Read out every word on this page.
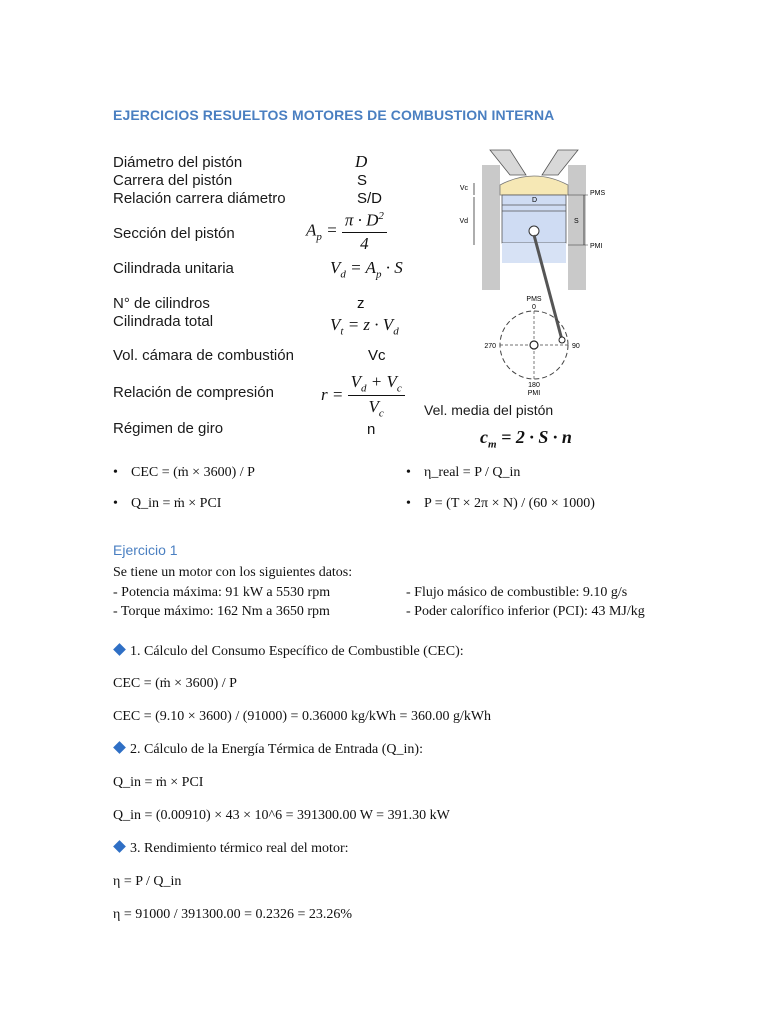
EJERCICIOS RESUELTOS MOTORES DE COMBUSTION INTERNA
Diámetro del pistón	D
Carrera del pistón	S
Relación carrera diámetro	S/D
Sección del pistón	$A_p = \frac{\pi \cdot D^2}{4}$
Cilindrada unitaria	$V_d = A_p \cdot S$
N° de cilindros	z
Cilindrada total	$V_t = z \cdot V_d$
Vol. cámara de combustión	Vc
Relación de compresión	$r = \frac{V_d + V_c}{V_c}$
Régimen de giro	n
Vel. media del pistón
$c_m = 2 \cdot S \cdot n$
Vc
Vd
PMS
PMI
D
S
PMS
0
270	90
180
PMI
• CEC = (ṁ × 3600) / P	• η_real = P / Q_in
• Q_in = ṁ × PCI	• P = (T × 2π × N) / (60 × 1000)
Ejercicio 1
Se tiene un motor con los siguientes datos:
- Potencia máxima: 91 kW a 5530 rpm	- Flujo másico de combustible: 9.10 g/s
- Torque máximo: 162 Nm a 3650 rpm	- Poder calorífico inferior (PCI): 43 MJ/kg
1. Cálculo del Consumo Específico de Combustible (CEC):
CEC = (ṁ × 3600) / P
CEC = (9.10 × 3600) / (91000) = 0.36000 kg/kWh = 360.00 g/kWh
2. Cálculo de la Energía Térmica de Entrada (Q_in):
Q_in = ṁ × PCI
Q_in = (0.00910) × 43 × 10^6 = 391300.00 W = 391.30 kW
3. Rendimiento térmico real del motor:
η = P / Q_in
η = 91000 / 391300.00 = 0.2326 = 23.26%
